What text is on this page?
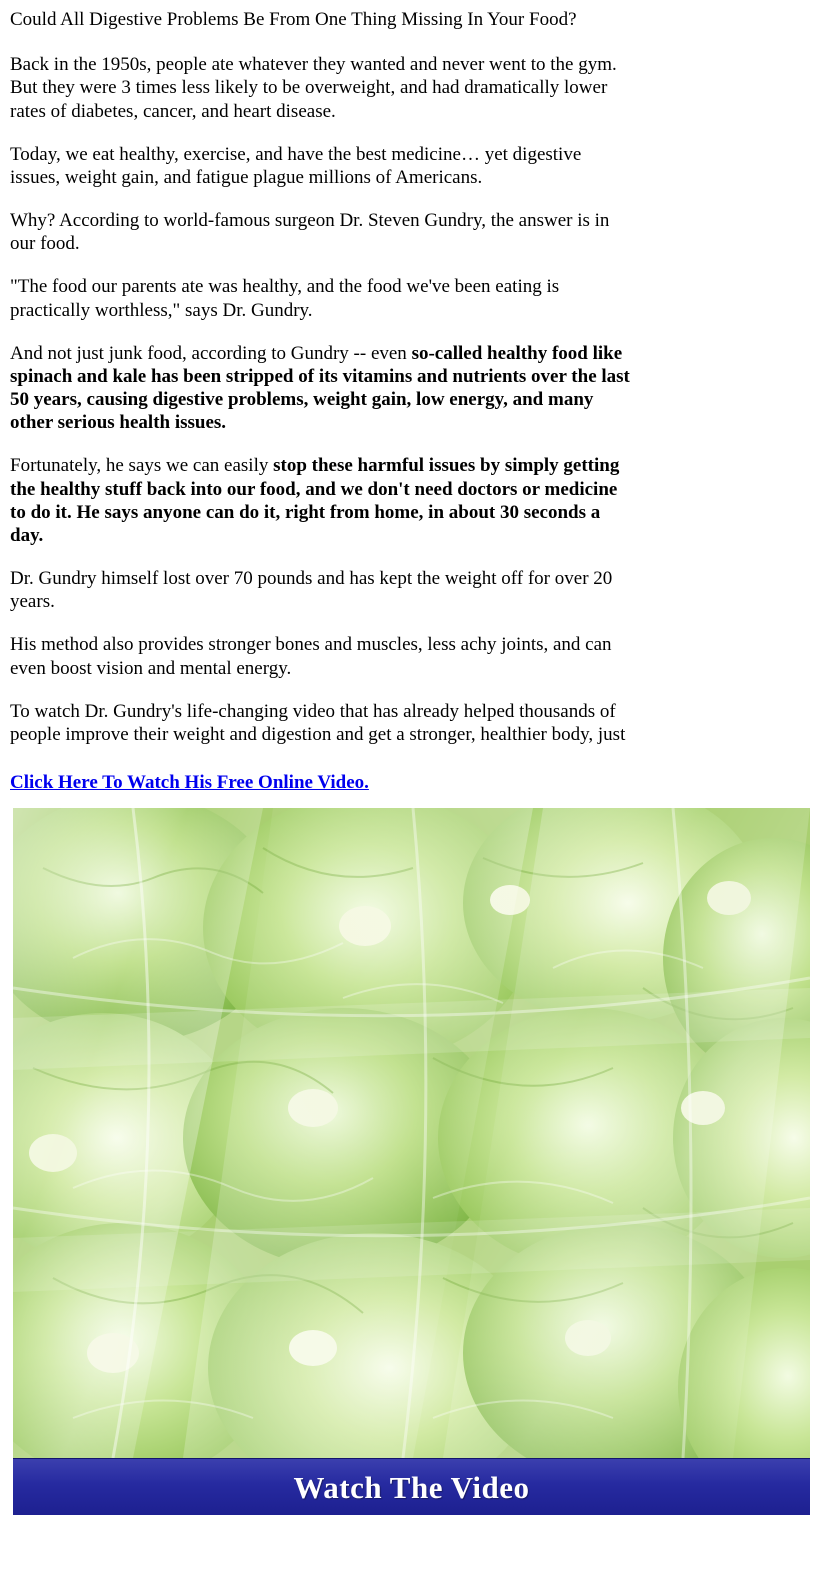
Could All Digestive Problems Be From One Thing Missing In Your Food?

Back in the 1950s, people ate whatever they wanted and never went to the gym. But they were 3 times less likely to be overweight, and had dramatically lower rates of diabetes, cancer, and heart disease.

Today, we eat healthy, exercise, and have the best medicine… yet digestive issues, weight gain, and fatigue plague millions of Americans.

Why? According to world-famous surgeon Dr. Steven Gundry, the answer is in our food.

"The food our parents ate was healthy, and the food we've been eating is practically worthless," says Dr. Gundry.

And not just junk food, according to Gundry -- even so-called healthy food like spinach and kale has been stripped of its vitamins and nutrients over the last 50 years, causing digestive problems, weight gain, low energy, and many other serious health issues.

Fortunately, he says we can easily stop these harmful issues by simply getting the healthy stuff back into our food, and we don't need doctors or medicine to do it. He says anyone can do it, right from home, in about 30 seconds a day.

Dr. Gundry himself lost over 70 pounds and has kept the weight off for over 20 years.

His method also provides stronger bones and muscles, less achy joints, and can even boost vision and mental energy.

To watch Dr. Gundry's life-changing video that has already helped thousands of people improve their weight and digestion and get a stronger, healthier body, just

Click Here To Watch His Free Online Video.
Watch The Video
